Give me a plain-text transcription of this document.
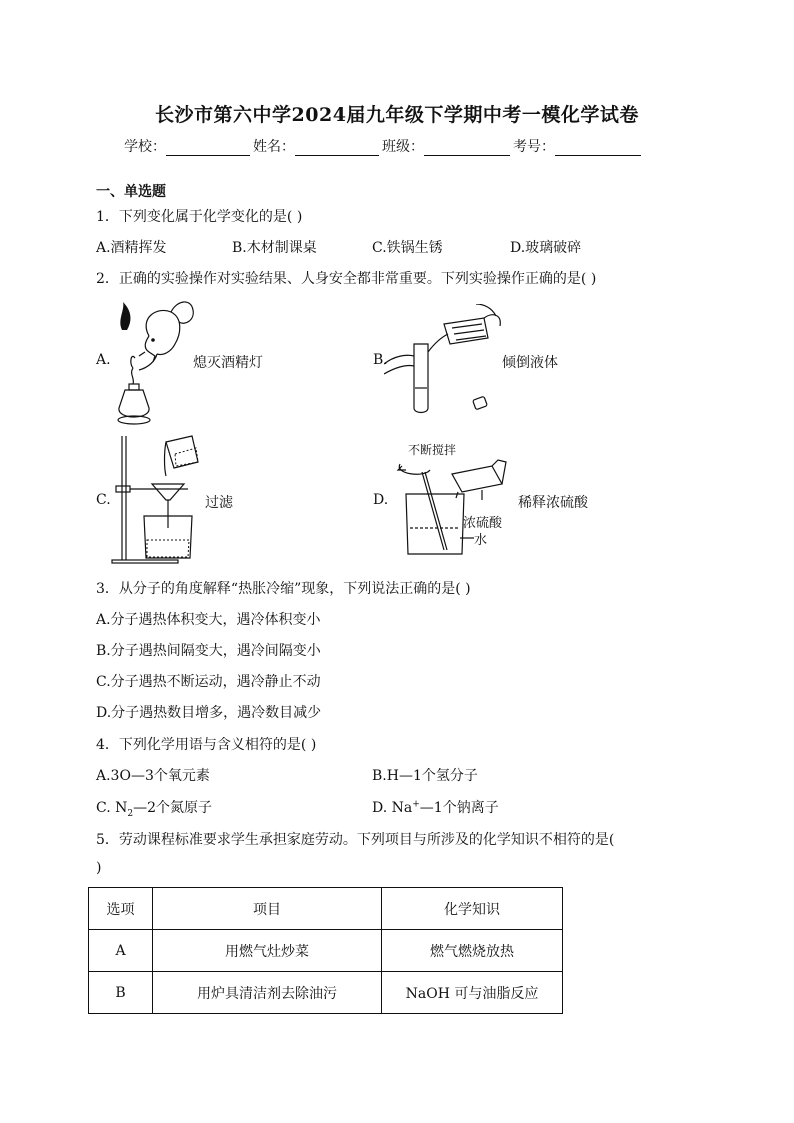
长沙市第六中学2024届九年级下学期中考一模化学试卷
学校：	姓名：	班级：	考号：
一、单选题
1．下列变化属于化学变化的是( )
A.酒精挥发	B.木材制课桌	C.铁锅生锈	D.玻璃破碎
2．正确的实验操作对实验结果、人身安全都非常重要。下列实验操作正确的是( )
A.	熄灭酒精灯	B.	倾倒液体
C.	过滤	D.
不断搅拌
浓硫酸
水
稀释浓硫酸
3．从分子的角度解释“热胀冷缩”现象，下列说法正确的是( )
A.分子遇热体积变大，遇冷体积变小
B.分子遇热间隔变大，遇冷间隔变小
C.分子遇热不断运动，遇冷静止不动
D.分子遇热数目增多，遇冷数目减少
4．下列化学用语与含义相符的是( )
A.3O—3个氧元素	B.H—1个氢分子
C. $N_2—2$个氮原子	D. Na+—1个钠离子
5．劳动课程标准要求学生承担家庭劳动。下列项目与所涉及的化学知识不相符的是(
)
选项	项目	化学知识
A	用燃气灶炒菜	燃气燃烧放热
B	用炉具清洁剂去除油污	NaOH 可与油脂反应
